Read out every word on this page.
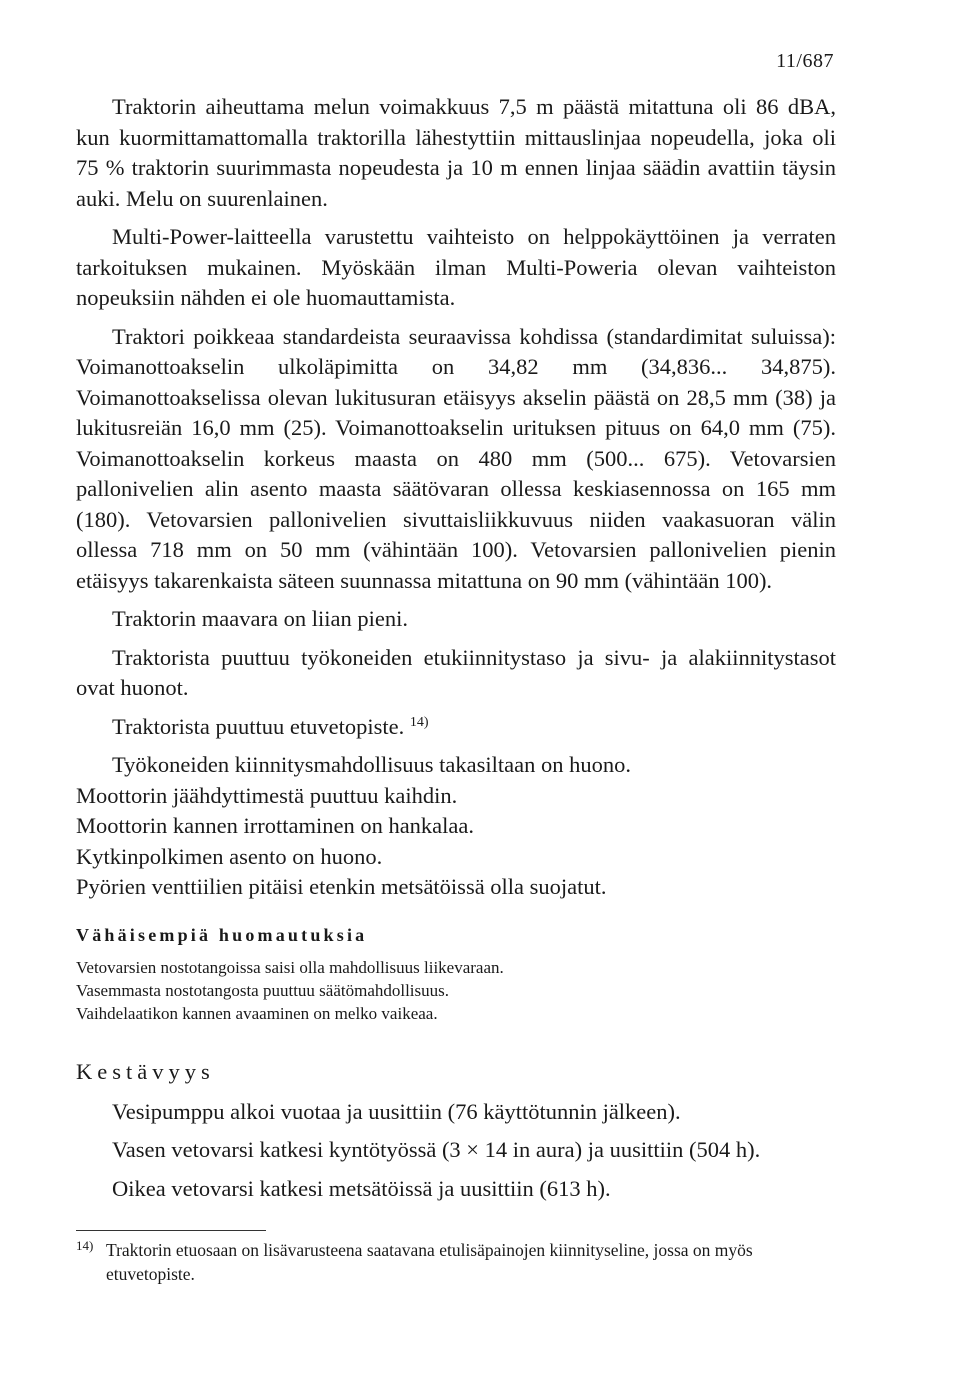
11/687

Traktorin aiheuttama melun voimakkuus 7,5 m päästä mitattuna oli 86 dBA, kun kuormittamattomalla traktorilla lähestyttiin mittauslinjaa nopeudella, joka oli 75 % traktorin suurimmasta nopeudesta ja 10 m ennen linjaa säädin avattiin täysin auki. Melu on suurenlainen.

Multi-Power-laitteella varustettu vaihteisto on helppokäyttöinen ja verraten tarkoituksen mukainen. Myöskään ilman Multi-Poweria olevan vaihteiston nopeuksiin nähden ei ole huomauttamista.

Traktori poikkeaa standardeista seuraavissa kohdissa (standardimitat suluissa): Voimanottoakselin ulkoläpimitta on 34,82 mm (34,836... 34,875). Voimanottoakselissa olevan lukitusuran etäisyys akselin päästä on 28,5 mm (38) ja lukitusreiän 16,0 mm (25). Voimanottoakselin urituksen pituus on 64,0 mm (75). Voimanottoakselin korkeus maasta on 480 mm (500... 675). Vetovarsien pallonivelien alin asento maasta säätövaran ollessa keskiasennossa on 165 mm (180). Vetovarsien pallonivelien sivuttaisliikkuvuus niiden vaakasuoran välin ollessa 718 mm on 50 mm (vähintään 100). Vetovarsien pallonivelien pienin etäisyys takarenkaista säteen suunnassa mitattuna on 90 mm (vähintään 100).

Traktorin maavara on liian pieni.

Traktorista puuttuu työkoneiden etukiinnitystaso ja sivu- ja alakiinnitystasot ovat huonot.

Traktorista puuttuu etuvetopiste. $^{14)}$

Työkoneiden kiinnitysmahdollisuus takasiltaan on huono.
Moottorin jäähdyttimestä puuttuu kaihdin.
Moottorin kannen irrottaminen on hankalaa.
Kytkinpolkimen asento on huono.
Pyörien venttiilien pitäisi etenkin metsätöissä olla suojatut.

Vähäisempiä huomautuksia

Vetovarsien nostotangoissa saisi olla mahdollisuus liikevaraan.
Vasemmasta nostotangosta puuttuu säätömahdollisuus.
Vaihdelaatikon kannen avaaminen on melko vaikeaa.

Kestävyys

Vesipumppu alkoi vuotaa ja uusittiin (76 käyttötunnin jälkeen).

Vasen vetovarsi katkesi kyntötyössä (3 × 14 in aura) ja uusittiin (504 h).

Oikea vetovarsi katkesi metsätöissä ja uusittiin (613 h).

$^{14)}$ Traktorin etuosaan on lisävarusteena saatavana etulisäpainojen kiinnityselinе, jossa on myös etuvetopiste.
